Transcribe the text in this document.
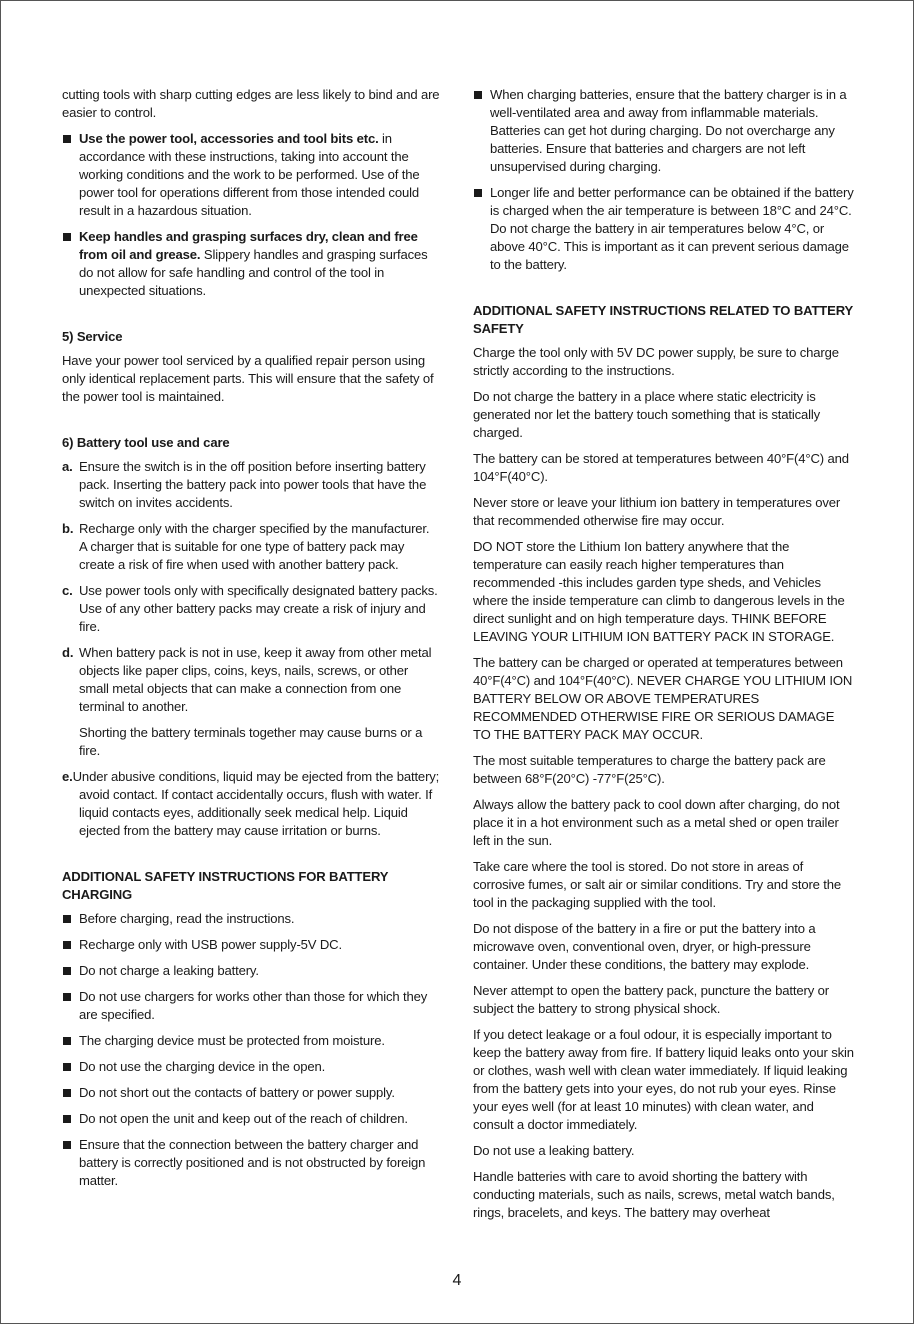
cutting tools with sharp cutting edges are less likely to bind and are easier to control.

Use the power tool, accessories and tool bits etc. in accordance with these instructions, taking into account the working conditions and the work to be performed. Use of the power tool for operations different from those intended could result in a hazardous situation.
Keep handles and grasping surfaces dry, clean and free from oil and grease. Slippery handles and grasping surfaces do not allow for safe handling and control of the tool in unexpected situations.
5) Service

Have your power tool serviced by a qualified repair person using only identical replacement parts. This will ensure that the safety of the power tool is maintained.

6) Battery tool use and care
a. Ensure the switch is in the off position before inserting battery pack. Inserting the battery pack into power tools that have the switch on invites accidents.
b. Recharge only with the charger specified by the manufacturer. A charger that is suitable for one type of battery pack may create a risk of fire when used with another battery pack.
c. Use power tools only with specifically designated battery packs. Use of any other battery packs may create a risk of injury and fire.
d. When battery pack is not in use, keep it away from other metal objects like paper clips, coins, keys, nails, screws, or other small metal objects that can make a connection from one terminal to another.

Shorting the battery terminals together may cause burns or a fire.

e.Under abusive conditions, liquid may be ejected from the battery; avoid contact. If contact accidentally occurs, flush with water. If liquid contacts eyes, additionally seek medical help. Liquid ejected from the battery may cause irritation or burns.

ADDITIONAL SAFETY INSTRUCTIONS FOR BATTERY CHARGING
Before charging, read the instructions.
Recharge only with USB power supply-5V DC.
Do not charge a leaking battery.
Do not use chargers for works other than those for which they are specified.
The charging device must be protected from moisture.
Do not use the charging device in the open.
Do not short out the contacts of battery or power supply.
Do not open the unit and keep out of the reach of children.
Ensure that the connection between the battery charger and battery is correctly positioned and is not obstructed by foreign matter.
When charging batteries, ensure that the battery charger is in a well-ventilated area and away from inflammable materials. Batteries can get hot during charging. Do not overcharge any batteries. Ensure that batteries and chargers are not left unsupervised during charging.
Longer life and better performance can be obtained if the battery is charged when the air temperature is between 18°C and 24°C. Do not charge the battery in air temperatures below 4°C, or above 40°C. This is important as it can prevent serious damage to the battery.
ADDITIONAL SAFETY INSTRUCTIONS RELATED TO BATTERY SAFETY

Charge the tool only with 5V DC power supply, be sure to charge strictly according to the instructions.

Do not charge the battery in a place where static electricity is generated nor let the battery touch something that is statically charged.

The battery can be stored at temperatures between 40°F(4°C) and 104°F(40°C).

Never store or leave your lithium ion battery in temperatures over that recommended otherwise fire may occur.

DO NOT store the Lithium Ion battery anywhere that the temperature can easily reach higher temperatures than recommended -this includes garden type sheds, and Vehicles where the inside temperature can climb to dangerous levels in the direct sunlight and on high temperature days. THINK BEFORE LEAVING YOUR LITHIUM ION BATTERY PACK IN STORAGE.

The battery can be charged or operated at temperatures between 40°F(4°C) and 104°F(40°C). NEVER CHARGE YOU LITHIUM ION BATTERY BELOW OR ABOVE TEMPERATURES RECOMMENDED OTHERWISE FIRE OR SERIOUS DAMAGE TO THE BATTERY PACK MAY OCCUR.

The most suitable temperatures to charge the battery pack are between 68°F(20°C) -77°F(25°C).

Always allow the battery pack to cool down after charging, do not place it in a hot environment such as a metal shed or open trailer left in the sun.

Take care where the tool is stored. Do not store in areas of corrosive fumes, or salt air or similar conditions. Try and store the tool in the packaging supplied with the tool.

Do not dispose of the battery in a fire or put the battery into a microwave oven, conventional oven, dryer, or high-pressure container. Under these conditions, the battery may explode.

Never attempt to open the battery pack, puncture the battery or subject the battery to strong physical shock.

If you detect leakage or a foul odour, it is especially important to keep the battery away from fire. If battery liquid leaks onto your skin or clothes, wash well with clean water immediately. If liquid leaking from the battery gets into your eyes, do not rub your eyes. Rinse your eyes well (for at least 10 minutes) with clean water, and consult a doctor immediately.

Do not use a leaking battery.

Handle batteries with care to avoid shorting the battery with conducting materials, such as nails, screws, metal watch bands, rings, bracelets, and keys. The battery may overheat

4
